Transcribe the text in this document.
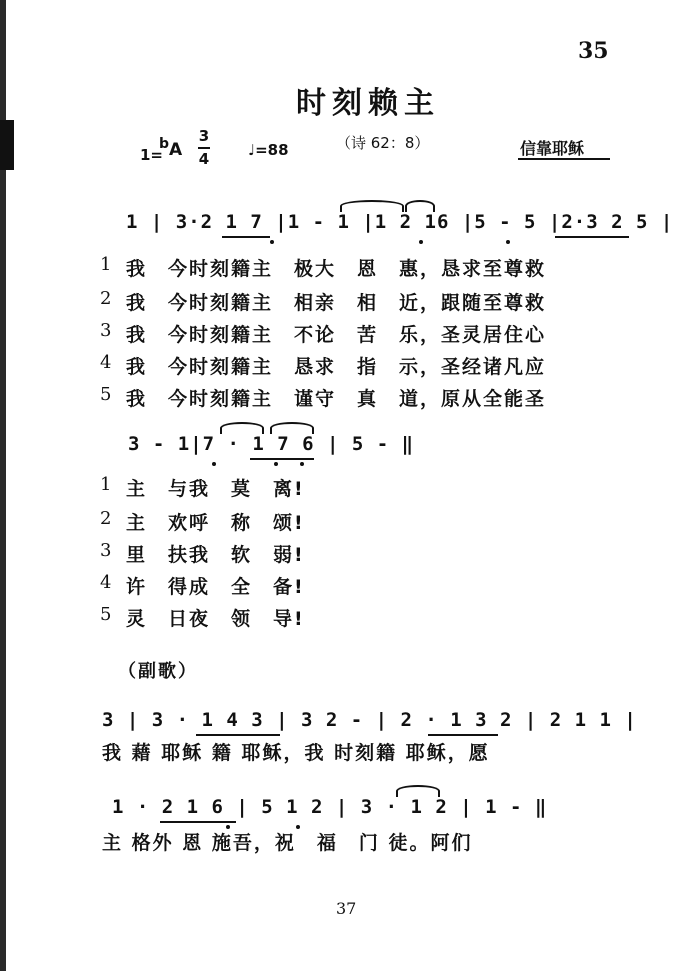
35
时刻赖主
1=
b A
3
4	♩=88	（诗 62：8）	信靠耶稣
1 | 3·2 1 7 |1 - 1 |1 2 16 |5 - 5 |2·3 2 5 |
1 我　今时刻籍主　极大　恩　惠，恳求至尊救
2 我　今时刻籍主　相亲　相　近，跟随至尊救
3 我　今时刻籍主　不论　苦　乐，圣灵居住心
4 我　今时刻籍主　恳求　指　示，圣经诸凡应
5 我　今时刻籍主　谨守　真　道，原从全能圣
3 - 1|7 · 1 7 6 | 5 - ‖
1 主　与我　莫　离!
2 主　欢呼　称　颂!
3 里　扶我　软　弱!
4 许　得成　全　备!
5 灵　日夜　领　导!
（副歌）
3 | 3 · 1 4 3 | 3 2 - | 2 · 1 3 2 | 2 1 1 |
我 藉 耶稣 籍 耶稣，我 时刻籍 耶稣，愿
1 · 2 1 6 | 5 1 2 | 3 · 1 2 | 1 - ‖
主 格外 恩 施吾，祝　福　门 徒。阿们
37
